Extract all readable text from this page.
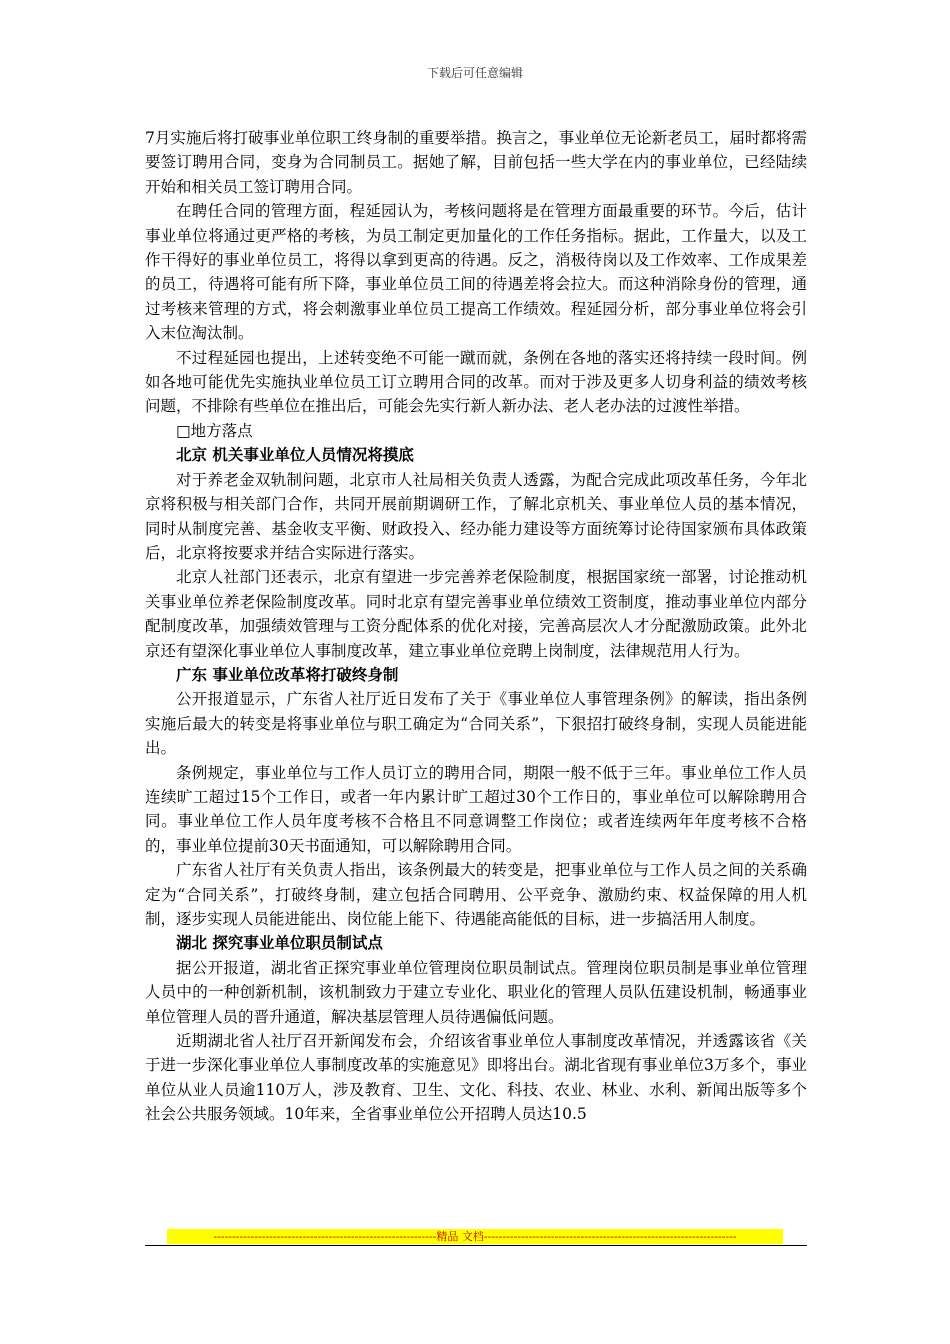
下载后可任意编辑

7月实施后将打破事业单位职工终身制的重要举措。换言之，事业单位无论新老员工，届时都将需要签订聘用合同，变身为合同制员工。据她了解，目前包括一些大学在内的事业单位，已经陆续开始和相关员工签订聘用合同。

在聘任合同的管理方面，程延园认为，考核问题将是在管理方面最重要的环节。今后，估计事业单位将通过更严格的考核，为员工制定更加量化的工作任务指标。据此，工作量大，以及工作干得好的事业单位员工，将得以拿到更高的待遇。反之，消极待岗以及工作效率、工作成果差的员工，待遇将可能有所下降，事业单位员工间的待遇差将会拉大。而这种消除身份的管理，通过考核来管理的方式，将会刺激事业单位员工提高工作绩效。程延园分析，部分事业单位将会引入末位淘汰制。

不过程延园也提出，上述转变绝不可能一蹴而就，条例在各地的落实还将持续一段时间。例如各地可能优先实施执业单位员工订立聘用合同的改革。而对于涉及更多人切身利益的绩效考核问题，不排除有些单位在推出后，可能会先实行新人新办法、老人老办法的过渡性举措。

□地方落点

北京 机关事业单位人员情况将摸底

对于养老金双轨制问题，北京市人社局相关负责人透露，为配合完成此项改革任务，今年北京将积极与相关部门合作，共同开展前期调研工作，了解北京机关、事业单位人员的基本情况，同时从制度完善、基金收支平衡、财政投入、经办能力建设等方面统筹讨论待国家颁布具体政策后，北京将按要求并结合实际进行落实。

北京人社部门还表示，北京有望进一步完善养老保险制度，根据国家统一部署，讨论推动机关事业单位养老保险制度改革。同时北京有望完善事业单位绩效工资制度，推动事业单位内部分配制度改革，加强绩效管理与工资分配体系的优化对接，完善高层次人才分配激励政策。此外北京还有望深化事业单位人事制度改革，建立事业单位竞聘上岗制度，法律规范用人行为。

广东 事业单位改革将打破终身制

公开报道显示，广东省人社厅近日发布了关于《事业单位人事管理条例》的解读，指出条例实施后最大的转变是将事业单位与职工确定为“合同关系”，下狠招打破终身制，实现人员能进能出。

条例规定，事业单位与工作人员订立的聘用合同，期限一般不低于三年。事业单位工作人员连续旷工超过15个工作日，或者一年内累计旷工超过30个工作日的，事业单位可以解除聘用合同。事业单位工作人员年度考核不合格且不同意调整工作岗位；或者连续两年年度考核不合格的，事业单位提前30天书面通知，可以解除聘用合同。

广东省人社厅有关负责人指出，该条例最大的转变是，把事业单位与工作人员之间的关系确定为“合同关系”，打破终身制，建立包括合同聘用、公平竞争、激励约束、权益保障的用人机制，逐步实现人员能进能出、岗位能上能下、待遇能高能低的目标，进一步搞活用人制度。

湖北 探究事业单位职员制试点

据公开报道，湖北省正探究事业单位管理岗位职员制试点。管理岗位职员制是事业单位管理人员中的一种创新机制，该机制致力于建立专业化、职业化的管理人员队伍建设机制，畅通事业单位管理人员的晋升通道，解决基层管理人员待遇偏低问题。

近期湖北省人社厅召开新闻发布会，介绍该省事业单位人事制度改革情况，并透露该省《关于进一步深化事业单位人事制度改革的实施意见》即将出台。湖北省现有事业单位3万多个，事业单位从业人员逾110万人，涉及教育、卫生、文化、科技、农业、林业、水利、新闻出版等多个社会公共服务领域。10年来，全省事业单位公开招聘人员达10.5

------------------------------------------------------------精品 文档--------------------------------------------------------------------
